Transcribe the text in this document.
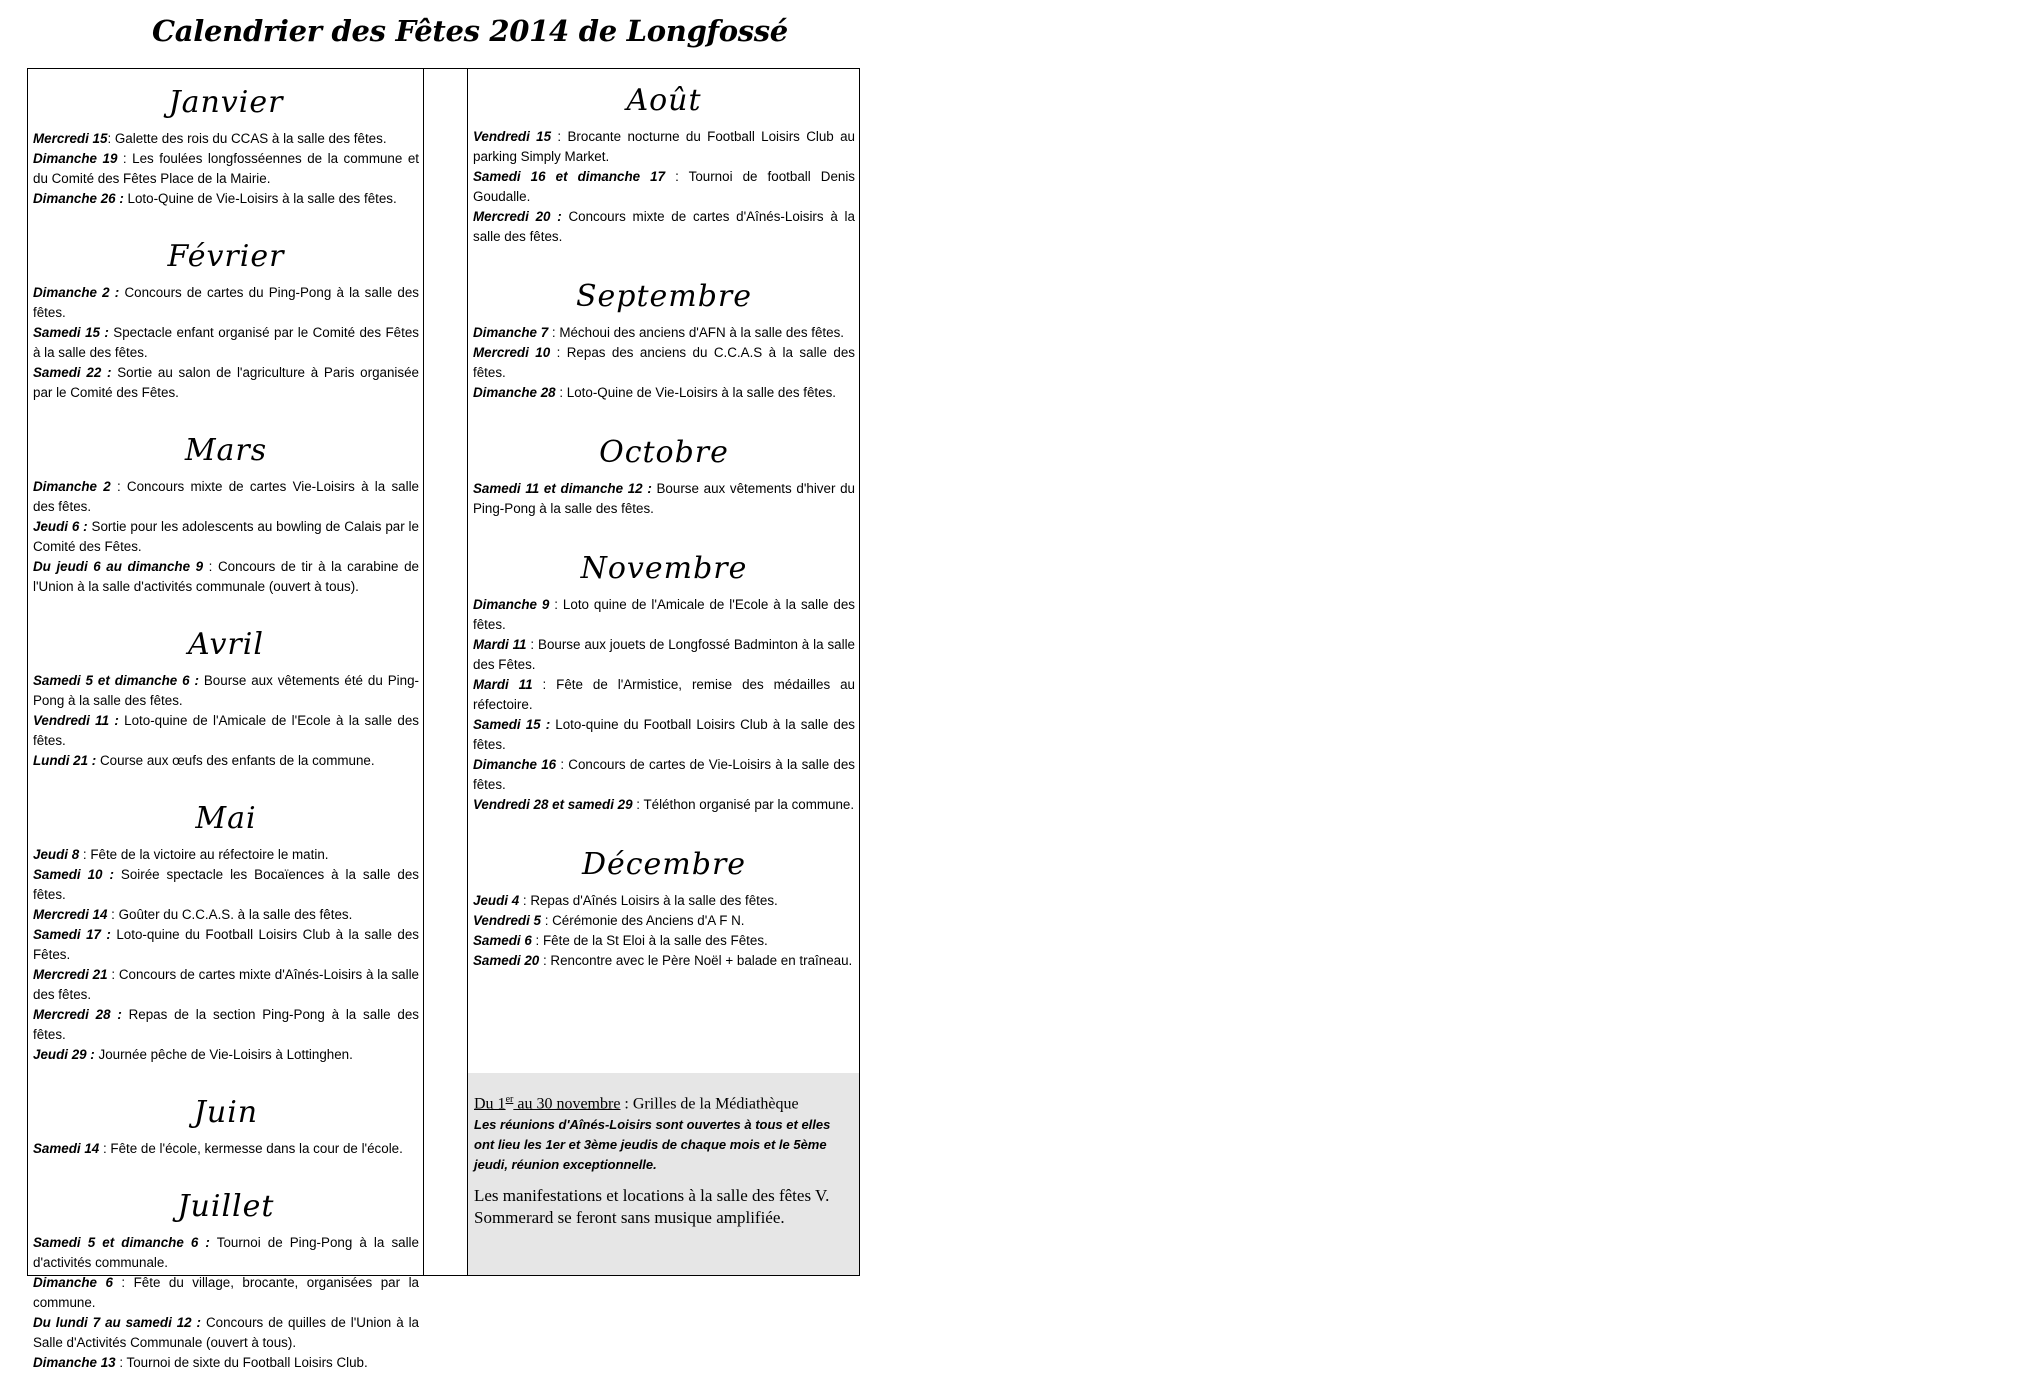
Calendrier des Fêtes 2014 de Longfossé
Janvier

Mercredi 15: Galette des rois du CCAS à la salle des fêtes.

Dimanche 19 : Les foulées longfosséennes de la commune et du Comité des Fêtes Place de la Mairie.

Dimanche 26 : Loto-Quine de Vie-Loisirs à la salle des fêtes.

Février

Dimanche 2 : Concours de cartes du Ping-Pong à la salle des fêtes.

Samedi 15 : Spectacle enfant organisé par le Comité des Fêtes à la salle des fêtes.

Samedi 22 : Sortie au salon de l'agriculture à Paris organisée par le Comité des Fêtes.

Mars

Dimanche 2 : Concours mixte de cartes Vie-Loisirs à la salle des fêtes.

Jeudi 6 : Sortie pour les adolescents au bowling de Calais par le Comité des Fêtes.

Du jeudi 6 au dimanche 9 : Concours de tir à la carabine de l'Union à la salle d'activités communale (ouvert à tous).

Avril

Samedi 5 et dimanche 6 : Bourse aux vêtements été du Ping-Pong à la salle des fêtes.

Vendredi 11 : Loto-quine de l'Amicale de l'Ecole à la salle des fêtes.

Lundi 21 : Course aux œufs des enfants de la commune.

Mai

Jeudi 8 : Fête de la victoire au réfectoire le matin.

Samedi 10 : Soirée spectacle les Bocaïences à la salle des fêtes.

Mercredi 14 : Goûter du C.C.A.S. à la salle des fêtes.

Samedi 17 : Loto-quine du Football Loisirs Club à la salle des Fêtes.

Mercredi 21 : Concours de cartes mixte d'Aînés-Loisirs à la salle des fêtes.

Mercredi 28 : Repas de la section Ping-Pong à la salle des fêtes.

Jeudi 29 : Journée pêche de Vie-Loisirs à Lottinghen.

Juin

Samedi 14 : Fête de l'école, kermesse dans la cour de l'école.

Juillet

Samedi 5 et dimanche 6 : Tournoi de Ping-Pong à la salle d'activités communale.

Dimanche 6 : Fête du village, brocante, organisées par la commune.

Du lundi 7 au samedi 12 : Concours de quilles de l'Union à la Salle d'Activités Communale (ouvert à tous).

Dimanche 13 : Tournoi de sixte du Football Loisirs Club.

Août

Vendredi 15 : Brocante nocturne du Football Loisirs Club au parking Simply Market.

Samedi 16 et dimanche 17 : Tournoi de football Denis Goudalle.

Mercredi 20 : Concours mixte de cartes d'Aînés-Loisirs à la salle des fêtes.

Septembre

Dimanche 7 : Méchoui des anciens d'AFN à la salle des fêtes.

Mercredi 10 : Repas des anciens du C.C.A.S à la salle des fêtes.

Dimanche 28 : Loto-Quine de Vie-Loisirs à la salle des fêtes.

Octobre

Samedi 11 et dimanche 12 : Bourse aux vêtements d'hiver du Ping-Pong à la salle des fêtes.

Novembre

Dimanche 9 : Loto quine de l'Amicale de l'Ecole à la salle des fêtes.

Mardi 11 : Bourse aux jouets de Longfossé Badminton à la salle des Fêtes.

Mardi 11 : Fête de l'Armistice, remise des médailles au réfectoire.

Samedi 15 : Loto-quine du Football Loisirs Club à la salle des fêtes.

Dimanche 16 : Concours de cartes de Vie-Loisirs à la salle des fêtes.

Vendredi 28 et samedi 29 : Téléthon organisé par la commune.

Décembre

Jeudi 4 : Repas d'Aînés Loisirs à la salle des fêtes.

Vendredi 5 : Cérémonie des Anciens d'A F N.

Samedi 6 : Fête de la St Eloi à la salle des Fêtes.

Samedi 20 : Rencontre avec le Père Noël + balade en traîneau.

Du 1er au 30 novembre : Grilles de la Médiathèque
Les réunions d'Aînés-Loisirs sont ouvertes à tous et elles ont lieu les 1er et 3ème jeudis de chaque mois et le 5ème jeudi, réunion exceptionnelle.
Les manifestations et locations à la salle des fêtes V. Sommerard se feront sans musique amplifiée.
